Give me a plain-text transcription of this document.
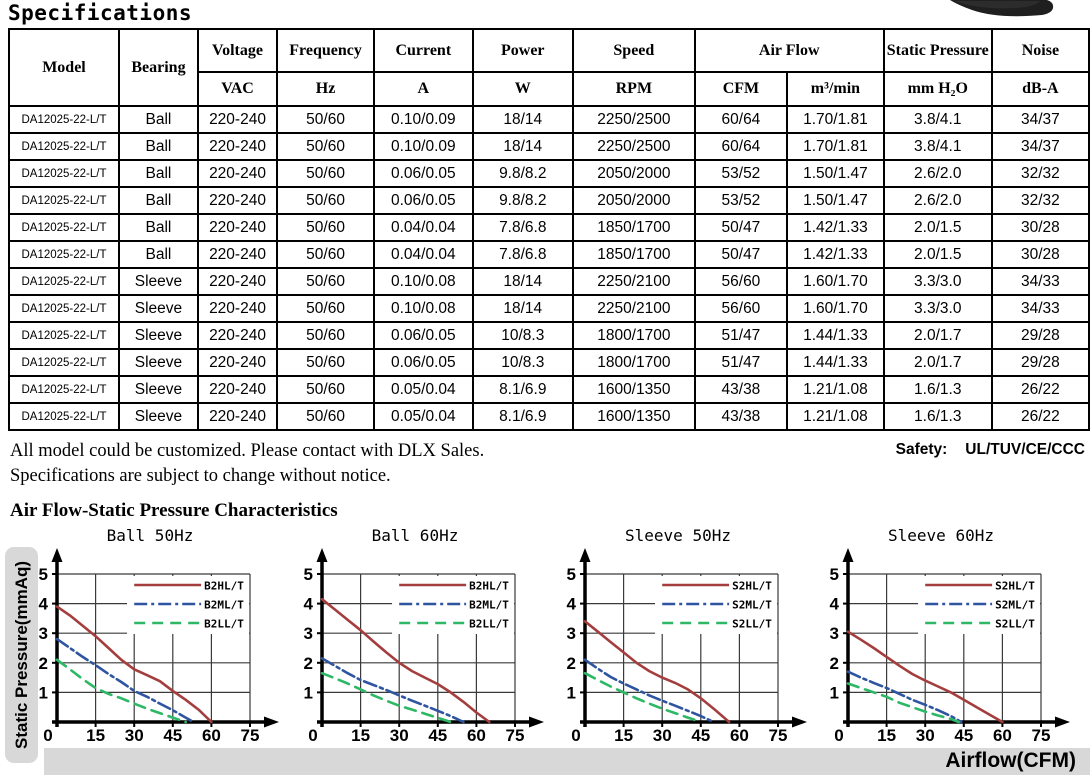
Specifications
Model	Bearing	Voltage	Frequency	Current	Power	Speed	Air Flow		Static Pressure	Noise
		VAC	Hz	A	W	RPM	CFM	m³/min	mm H₂O	dB-A
DA12025-22-L/T	Ball	220-240	50/60	0.10/0.09	18/14	2250/2500	60/64	1.70/1.81	3.8/4.1	34/37
DA12025-22-L/T	Ball	220-240	50/60	0.10/0.09	18/14	2250/2500	60/64	1.70/1.81	3.8/4.1	34/37
DA12025-22-L/T	Ball	220-240	50/60	0.06/0.05	9.8/8.2	2050/2000	53/52	1.50/1.47	2.6/2.0	32/32
DA12025-22-L/T	Ball	220-240	50/60	0.06/0.05	9.8/8.2	2050/2000	53/52	1.50/1.47	2.6/2.0	32/32
DA12025-22-L/T	Ball	220-240	50/60	0.04/0.04	7.8/6.8	1850/1700	50/47	1.42/1.33	2.0/1.5	30/28
DA12025-22-L/T	Ball	220-240	50/60	0.04/0.04	7.8/6.8	1850/1700	50/47	1.42/1.33	2.0/1.5	30/28
DA12025-22-L/T	Sleeve	220-240	50/60	0.10/0.08	18/14	2250/2100	56/60	1.60/1.70	3.3/3.0	34/33
DA12025-22-L/T	Sleeve	220-240	50/60	0.10/0.08	18/14	2250/2100	56/60	1.60/1.70	3.3/3.0	34/33
DA12025-22-L/T	Sleeve	220-240	50/60	0.06/0.05	10/8.3	1800/1700	51/47	1.44/1.33	2.0/1.7	29/28
DA12025-22-L/T	Sleeve	220-240	50/60	0.06/0.05	10/8.3	1800/1700	51/47	1.44/1.33	2.0/1.7	29/28
DA12025-22-L/T	Sleeve	220-240	50/60	0.05/0.04	8.1/6.9	1600/1350	43/38	1.21/1.08	1.6/1.3	26/22
DA12025-22-L/T	Sleeve	220-240	50/60	0.05/0.04	8.1/6.9	1600/1350	43/38	1.21/1.08	1.6/1.3	26/22
All model could be customized. Please contact with DLX Sales.
Specifications are subject to change without notice.
Safety: UL/TUV/CE/CCC
Air Flow-Static Pressure Characteristics
Ball 50Hz
1
2
3
4
5
0 15 30 45 60 75
B2HL/T
B2ML/T
B2LL/T
Ball 60Hz
1
2
3
4
5
0 15 30 45 60 75
B2HL/T
B2ML/T
B2LL/T
Sleeve 50Hz
1
2
3
4
5
0 15 30 45 60 75
S2HL/T
S2ML/T
S2LL/T
Sleeve 60Hz
1
2
3
4
5
0 15 30 45 60 75
S2HL/T
S2ML/T
S2LL/T
Static Pressure(mmAq)
Airflow(CFM)
